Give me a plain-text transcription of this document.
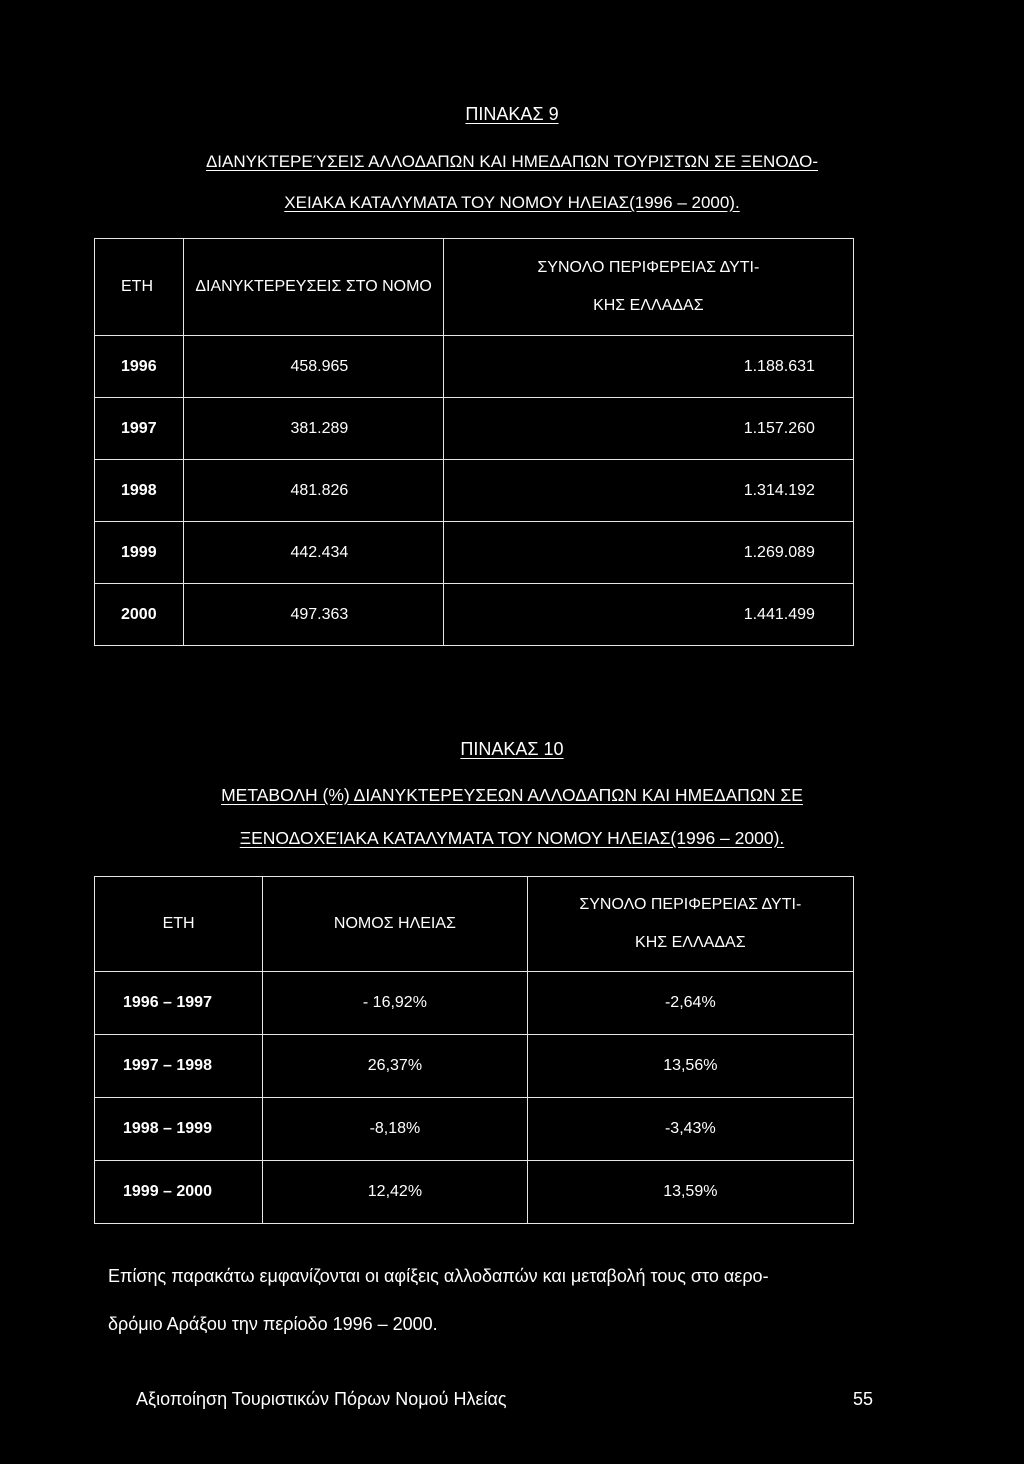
ΠΙΝΑΚΑΣ 9
ΔΙΑΝΥΚΤΕΡΕΎΣΕΙΣ ΑΛΛΟΔΑΠΩΝ ΚΑΙ ΗΜΕΔΑΠΩΝ ΤΟΥΡΙΣΤΩΝ ΣΕ ΞΕΝΟΔΟ-
ΧΕΙΑΚΑ ΚΑΤΑΛΥΜΑΤΑ ΤΟΥ ΝΟΜΟΥ ΗΛΕΙΑΣ(1996 – 2000).
ΕΤΗ	ΔΙΑΝΥΚΤΕΡΕΥΣΕΙΣ ΣΤΟ ΝΟΜΟ	ΣΥΝΟΛΟ ΠΕΡΙΦΕΡΕΙΑΣ ΔΥΤΙ-
ΚΗΣ ΕΛΛΑΔΑΣ

1996	458.965	1.188.631
1997	381.289	1.157.260
1998	481.826	1.314.192
1999	442.434	1.269.089
2000	497.363	1.441.499
ΠΙΝΑΚΑΣ 10
ΜΕΤΑΒΟΛΗ (%) ΔΙΑΝΥΚΤΕΡΕΥΣΕΩΝ ΑΛΛΟΔΑΠΩΝ ΚΑΙ ΗΜΕΔΑΠΩΝ ΣΕ
ΞΕΝΟΔΟΧΕΊΑΚΑ ΚΑΤΑΛΥΜΑΤΑ ΤΟΥ ΝΟΜΟΥ ΗΛΕΙΑΣ(1996 – 2000).
ΕΤΗ	ΝΟΜΟΣ ΗΛΕΙΑΣ	ΣΥΝΟΛΟ ΠΕΡΙΦΕΡΕΙΑΣ ΔΥΤΙ-
ΚΗΣ ΕΛΛΑΔΑΣ

1996 – 1997	- 16,92%	-2,64%
1997 – 1998	26,37%	13,56%
1998 – 1999	-8,18%	-3,43%
1999 – 2000	12,42%	13,59%
Επίσης παρακάτω εμφανίζονται οι αφίξεις αλλοδαπών και μεταβολή τους στο αερο-
δρόμιο Αράξου την περίοδο 1996 – 2000.
Αξιοποίηση Τουριστικών Πόρων Νομού Ηλείας	55
